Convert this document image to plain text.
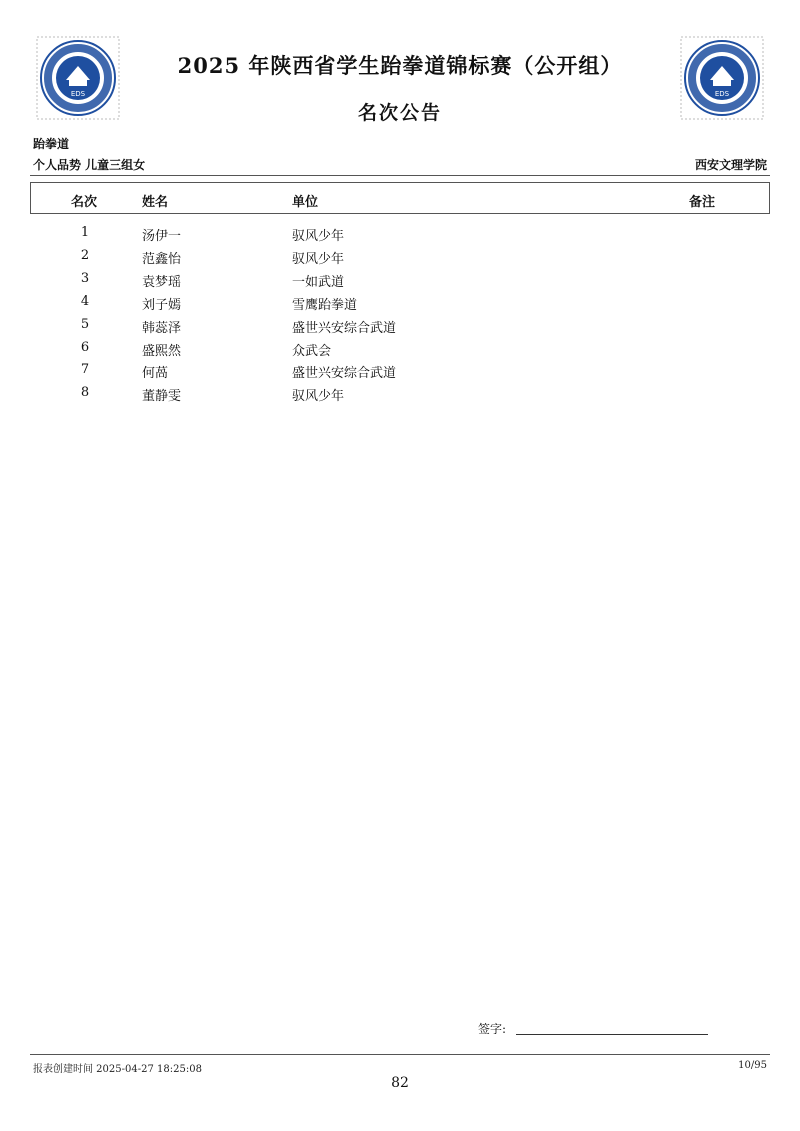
EDS	EDS
2025 年陕西省学生跆拳道锦标赛（公开组）
名次公告
跆拳道
个人品势 儿童三组女	西安文理学院
名次	姓名	单位	备注
1	汤伊一	驭风少年
2	范鑫怡	驭风少年
3	袁梦瑶	一如武道
4	刘子嫣	雪鹰跆拳道
5	韩蕊泽	盛世兴安综合武道
6	盛熙然	众武会
7	何萵	盛世兴安综合武道
8	董静雯	驭风少年
签字:
报表创建时间 2025-04-27 18:25:08	10/95
82
